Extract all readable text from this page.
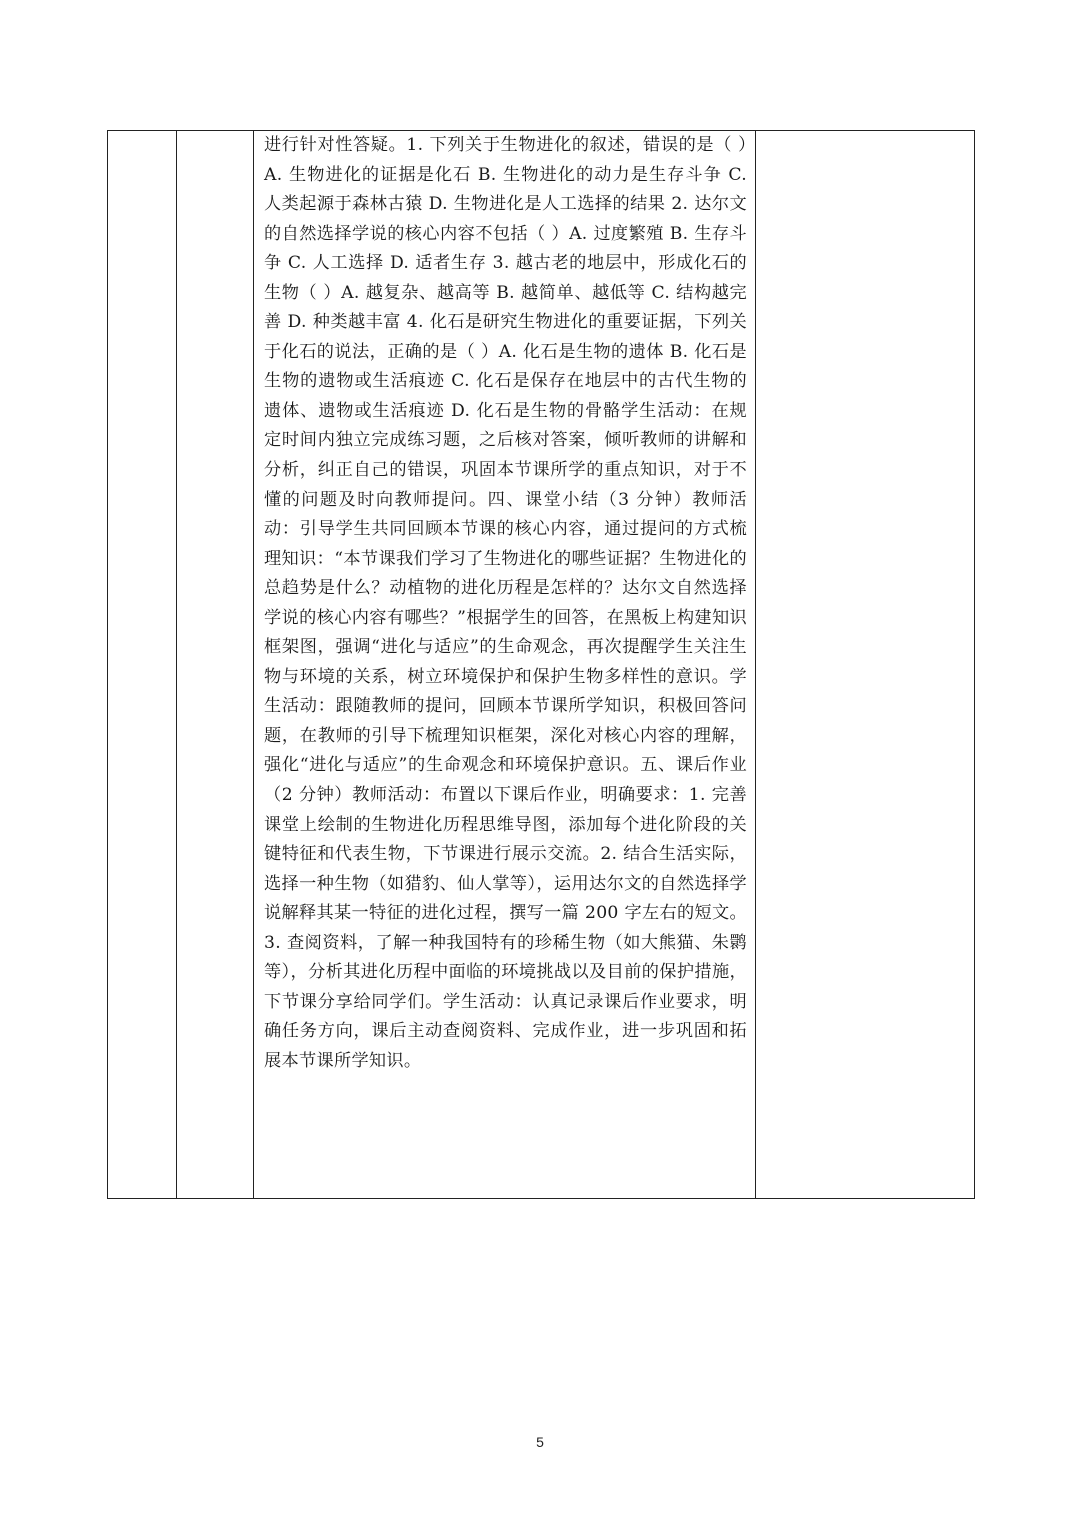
进行针对性答疑。1. 下列关于生物进化的叙述，错误的是（ ）A. 生物进化的证据是化石 B. 生物进化的动力是生存斗争 C. 人类起源于森林古猿 D. 生物进化是人工选择的结果 2. 达尔文的自然选择学说的核心内容不包括（ ）A. 过度繁殖 B. 生存斗争 C. 人工选择 D. 适者生存 3. 越古老的地层中，形成化石的生物（ ）A. 越复杂、越高等 B. 越简单、越低等 C. 结构越完善 D. 种类越丰富 4. 化石是研究生物进化的重要证据，下列关于化石的说法，正确的是（ ）A. 化石是生物的遗体 B. 化石是生物的遗物或生活痕迹 C. 化石是保存在地层中的古代生物的遗体、遗物或生活痕迹 D. 化石是生物的骨骼学生活动：在规定时间内独立完成练习题，之后核对答案，倾听教师的讲解和分析，纠正自己的错误，巩固本节课所学的重点知识，对于不懂的问题及时向教师提问。四、课堂小结（3 分钟）教师活动：引导学生共同回顾本节课的核心内容，通过提问的方式梳理知识：“本节课我们学习了生物进化的哪些证据？生物进化的总趋势是什么？动植物的进化历程是怎样的？达尔文自然选择学说的核心内容有哪些？”根据学生的回答，在黑板上构建知识框架图，强调“进化与适应”的生命观念，再次提醒学生关注生物与环境的关系，树立环境保护和保护生物多样性的意识。学生活动：跟随教师的提问，回顾本节课所学知识，积极回答问题，在教师的引导下梳理知识框架，深化对核心内容的理解，强化“进化与适应”的生命观念和环境保护意识。五、课后作业（2 分钟）教师活动：布置以下课后作业，明确要求：1. 完善课堂上绘制的生物进化历程思维导图，添加每个进化阶段的关键特征和代表生物，下节课进行展示交流。2. 结合生活实际，选择一种生物（如猎豹、仙人掌等），运用达尔文的自然选择学说解释其某一特征的进化过程，撰写一篇 200 字左右的短文。3. 查阅资料，了解一种我国特有的珍稀生物（如大熊猫、朱鹮等），分析其进化历程中面临的环境挑战以及目前的保护措施，下节课分享给同学们。学生活动：认真记录课后作业要求，明确任务方向，课后主动查阅资料、完成作业，进一步巩固和拓展本节课所学知识。

5
